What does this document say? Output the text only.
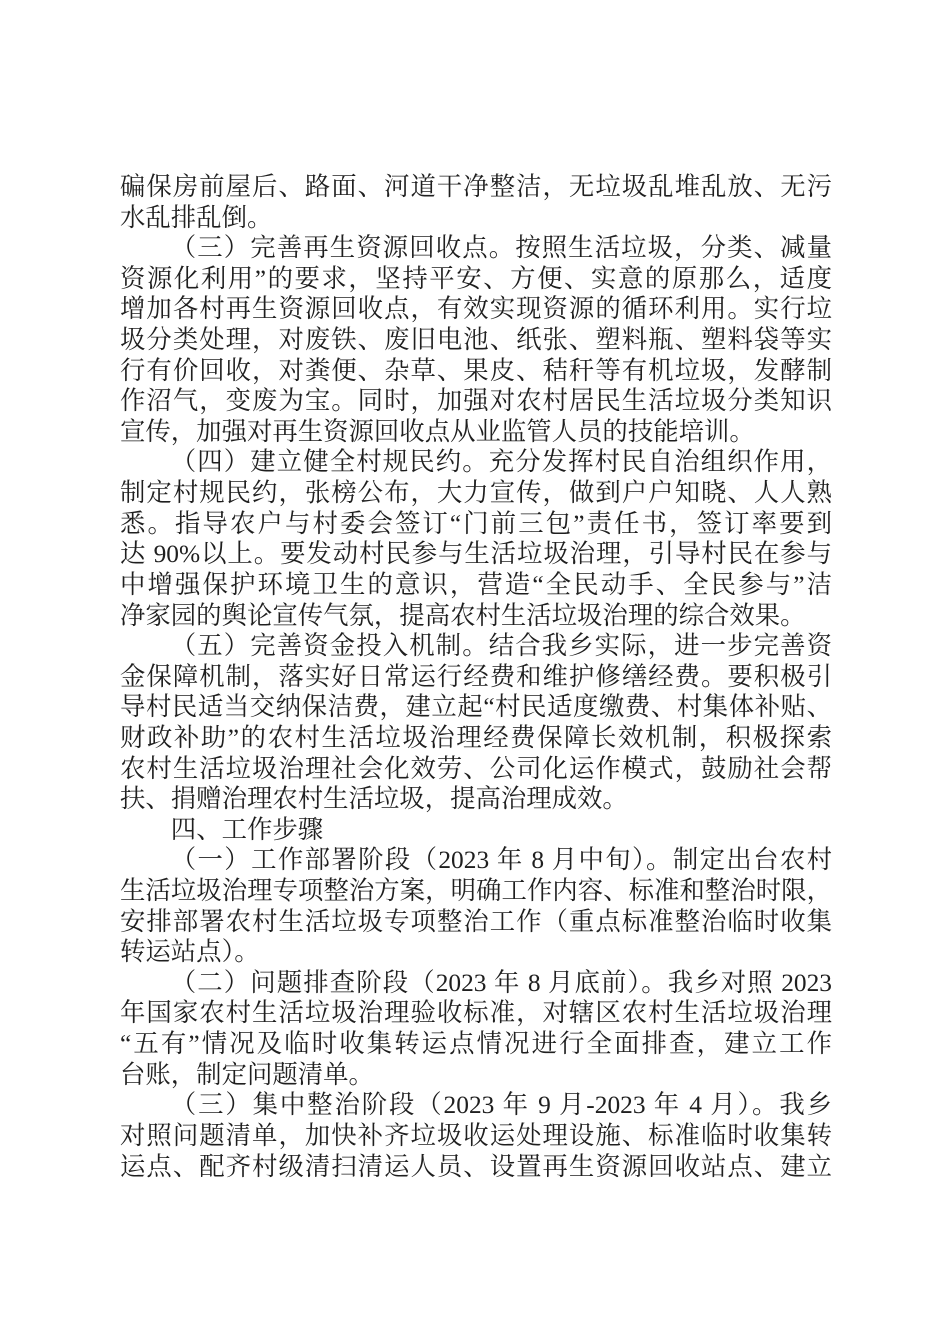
碥保房前屋后、路面、河道干净整洁，无垃圾乱堆乱放、无污
水乱排乱倒。
（三）完善再生资源回收点。按照生活垃圾，分类、减量
资源化利用”的要求，坚持平安、方便、实意的原那么，适度
增加各村再生资源回收点，有效实现资源的循环利用。实行垃
圾分类处理，对废铁、废旧电池、纸张、塑料瓶、塑料袋等实
行有价回收，对粪便、杂草、果皮、秸秆等有机垃圾，发酵制
作沼气，变废为宝。同时，加强对农村居民生活垃圾分类知识
宣传，加强对再生资源回收点从业监管人员的技能培训。
（四）建立健全村规民约。充分发挥村民自治组织作用，
制定村规民约，张榜公布，大力宣传，做到户户知晓、人人熟
悉。指导农户与村委会签订“门前三包”责任书，签订率要到
达 90%以上。要发动村民参与生活垃圾治理，引导村民在参与
中增强保护环境卫生的意识，营造“全民动手、全民参与”洁
净家园的舆论宣传气氛，提高农村生活垃圾治理的综合效果。
（五）完善资金投入机制。结合我乡实际，进一步完善资
金保障机制，落实好日常运行经费和维护修缮经费。要积极引
导村民适当交纳保洁费，建立起“村民适度缴费、村集体补贴、
财政补助”的农村生活垃圾治理经费保障长效机制，积极探索
农村生活垃圾治理社会化效劳、公司化运作模式，鼓励社会帮
扶、捐赠治理农村生活垃圾，提高治理成效。
四、工作步骤
（一）工作部署阶段（2023 年 8 月中旬）。制定出台农村
生活垃圾治理专项整治方案，明确工作内容、标准和整治时限，
安排部署农村生活垃圾专项整治工作（重点标准整治临时收集
转运站点）。
（二）问题排查阶段（2023 年 8 月底前）。我乡对照 2023
年国家农村生活垃圾治理验收标准，对辖区农村生活垃圾治理
“五有”情况及临时收集转运点情况进行全面排查，建立工作
台账，制定问题清单。
（三）集中整治阶段（2023 年 9 月-2023 年 4 月）。我乡
对照问题清单，加快补齐垃圾收运处理设施、标准临时收集转
运点、配齐村级清扫清运人员、设置再生资源回收站点、建立
